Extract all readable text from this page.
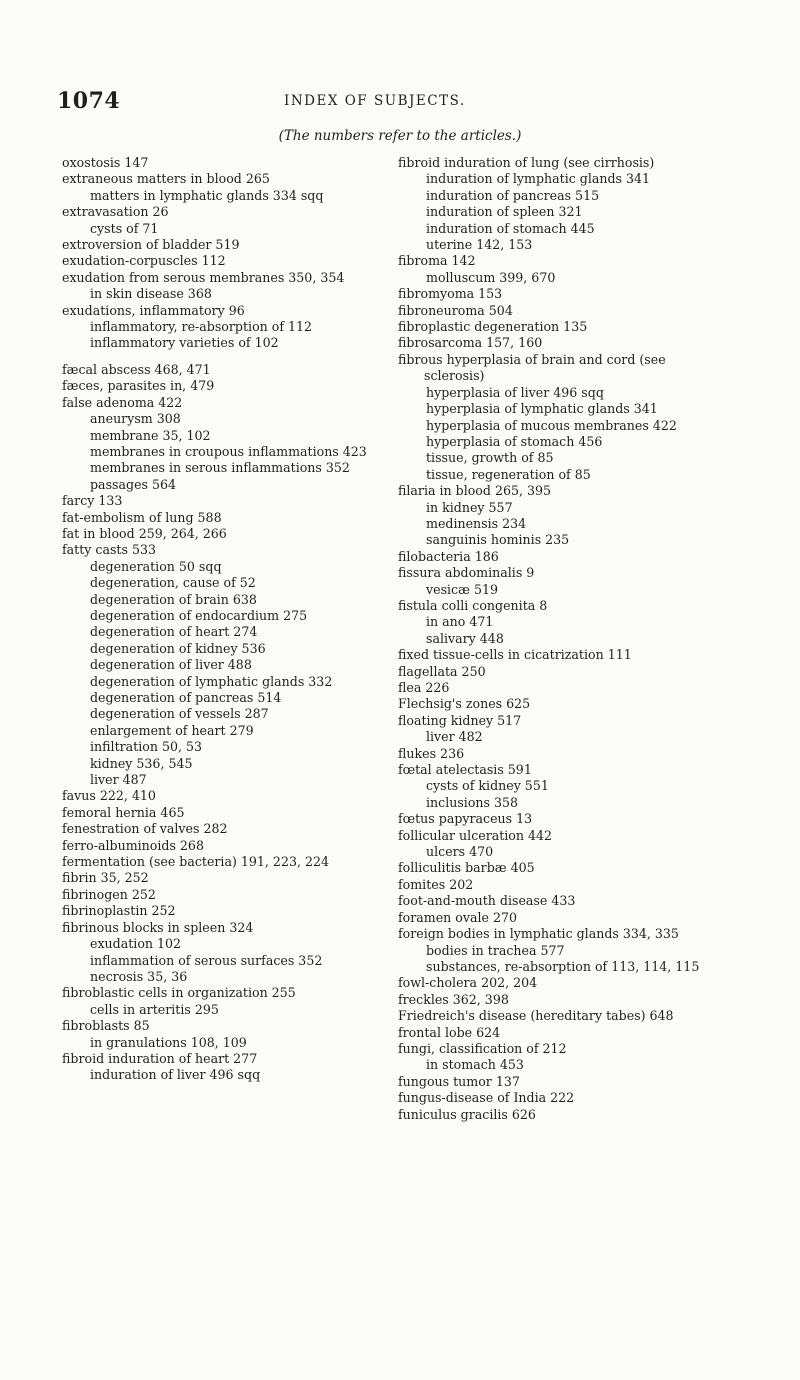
1074	INDEX OF SUBJECTS.
(The numbers refer to the articles.)
oxostosis 147
extraneous matters in blood 265
matters in lymphatic glands 334 sqq
extravasation 26
cysts of 71
extroversion of bladder 519
exudation-corpuscles 112
exudation from serous membranes 350, 354
in skin disease 368
exudations, inflammatory 96
inflammatory, re-absorption of 112
inflammatory varieties of 102
fæcal abscess 468, 471
fæces, parasites in, 479
false adenoma 422
aneurysm 308
membrane 35, 102
membranes in croupous inflammations 423
membranes in serous inflammations 352
passages 564
farcy 133
fat-embolism of lung 588
fat in blood 259, 264, 266
fatty casts 533
degeneration 50 sqq
degeneration, cause of 52
degeneration of brain 638
degeneration of endocardium 275
degeneration of heart 274
degeneration of kidney 536
degeneration of liver 488
degeneration of lymphatic glands 332
degeneration of pancreas 514
degeneration of vessels 287
enlargement of heart 279
infiltration 50, 53
kidney 536, 545
liver 487
favus 222, 410
femoral hernia 465
fenestration of valves 282
ferro-albuminoids 268
fermentation (see bacteria) 191, 223, 224
fibrin 35, 252
fibrinogen 252
fibrinoplastin 252
fibrinous blocks in spleen 324
exudation 102
inflammation of serous surfaces 352
necrosis 35, 36
fibroblastic cells in organization 255
cells in arteritis 295
fibroblasts 85
in granulations 108, 109
fibroid induration of heart 277
induration of liver 496 sqq
fibroid induration of lung (see cirrhosis)
induration of lymphatic glands 341
induration of pancreas 515
induration of spleen 321
induration of stomach 445
uterine 142, 153
fibroma 142
molluscum 399, 670
fibromyoma 153
fibroneuroma 504
fibroplastic degeneration 135
fibrosarcoma 157, 160
fibrous hyperplasia of brain and cord (see sclerosis)
hyperplasia of liver 496 sqq
hyperplasia of lymphatic glands 341
hyperplasia of mucous membranes 422
hyperplasia of stomach 456
tissue, growth of 85
tissue, regeneration of 85
filaria in blood 265, 395
in kidney 557
medinensis 234
sanguinis hominis 235
filobacteria 186
fissura abdominalis 9
vesicæ 519
fistula colli congenita 8
in ano 471
salivary 448
fixed tissue-cells in cicatrization 111
flagellata 250
flea 226
Flechsig's zones 625
floating kidney 517
liver 482
flukes 236
fœtal atelectasis 591
cysts of kidney 551
inclusions 358
fœtus papyraceus 13
follicular ulceration 442
ulcers 470
folliculitis barbæ 405
fomites 202
foot-and-mouth disease 433
foramen ovale 270
foreign bodies in lymphatic glands 334, 335
bodies in trachea 577
substances, re-absorption of 113, 114, 115
fowl-cholera 202, 204
freckles 362, 398
Friedreich's disease (hereditary tabes) 648
frontal lobe 624
fungi, classification of 212
in stomach 453
fungous tumor 137
fungus-disease of India 222
funiculus gracilis 626
